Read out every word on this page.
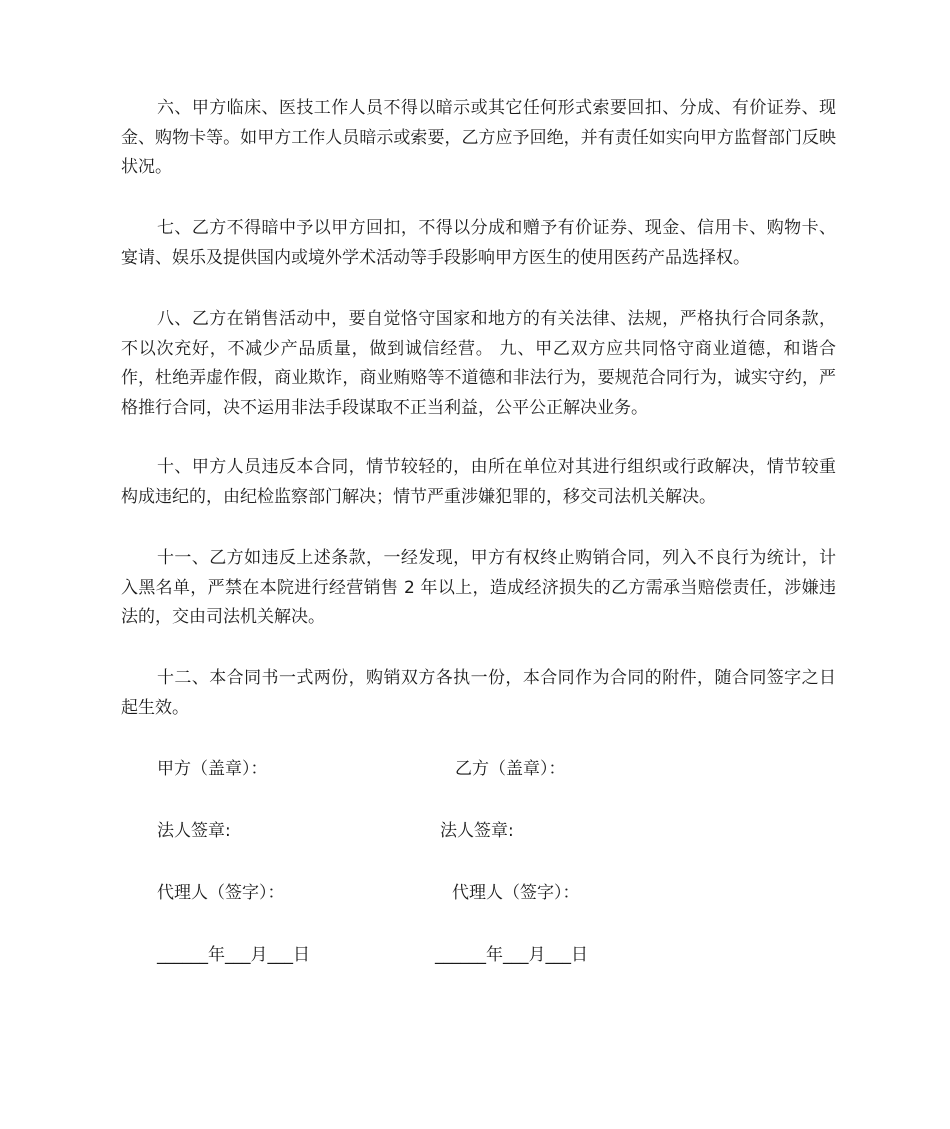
六、甲方临床、医技工作人员不得以暗示或其它任何形式索要回扣、分成、有价证券、现金、购物卡等。如甲方工作人员暗示或索要，乙方应予回绝，并有责任如实向甲方监督部门反映状况。

七、乙方不得暗中予以甲方回扣，不得以分成和赠予有价证券、现金、信用卡、购物卡、宴请、娱乐及提供国内或境外学术活动等手段影响甲方医生的使用医药产品选择权。

八、乙方在销售活动中，要自觉恪守国家和地方的有关法律、法规，严格执行合同条款，不以次充好，不减少产品质量，做到诚信经营。 九、甲乙双方应共同恪守商业道德，和谐合作，杜绝弄虚作假，商业欺诈，商业贿赂等不道德和非法行为，要规范合同行为，诚实守约，严格推行合同，决不运用非法手段谋取不正当利益，公平公正解决业务。

十、甲方人员违反本合同，情节较轻的，由所在单位对其进行组织或行政解决，情节较重构成违纪的，由纪检监察部门解决；情节严重涉嫌犯罪的，移交司法机关解决。

十一、乙方如违反上述条款，一经发现，甲方有权终止购销合同，列入不良行为统计，计入黑名单，严禁在本院进行经营销售 2 年以上，造成经济损失的乙方需承当赔偿责任，涉嫌违法的，交由司法机关解决。

十二、本合同书一式两份，购销双方各执一份，本合同作为合同的附件，随合同签字之日起生效。

甲方（盖章）：	乙方（盖章）：

法人签章:	法人签章:

代理人（签字）：	代理人（签字）：

______年___月___日	______年___月___日
